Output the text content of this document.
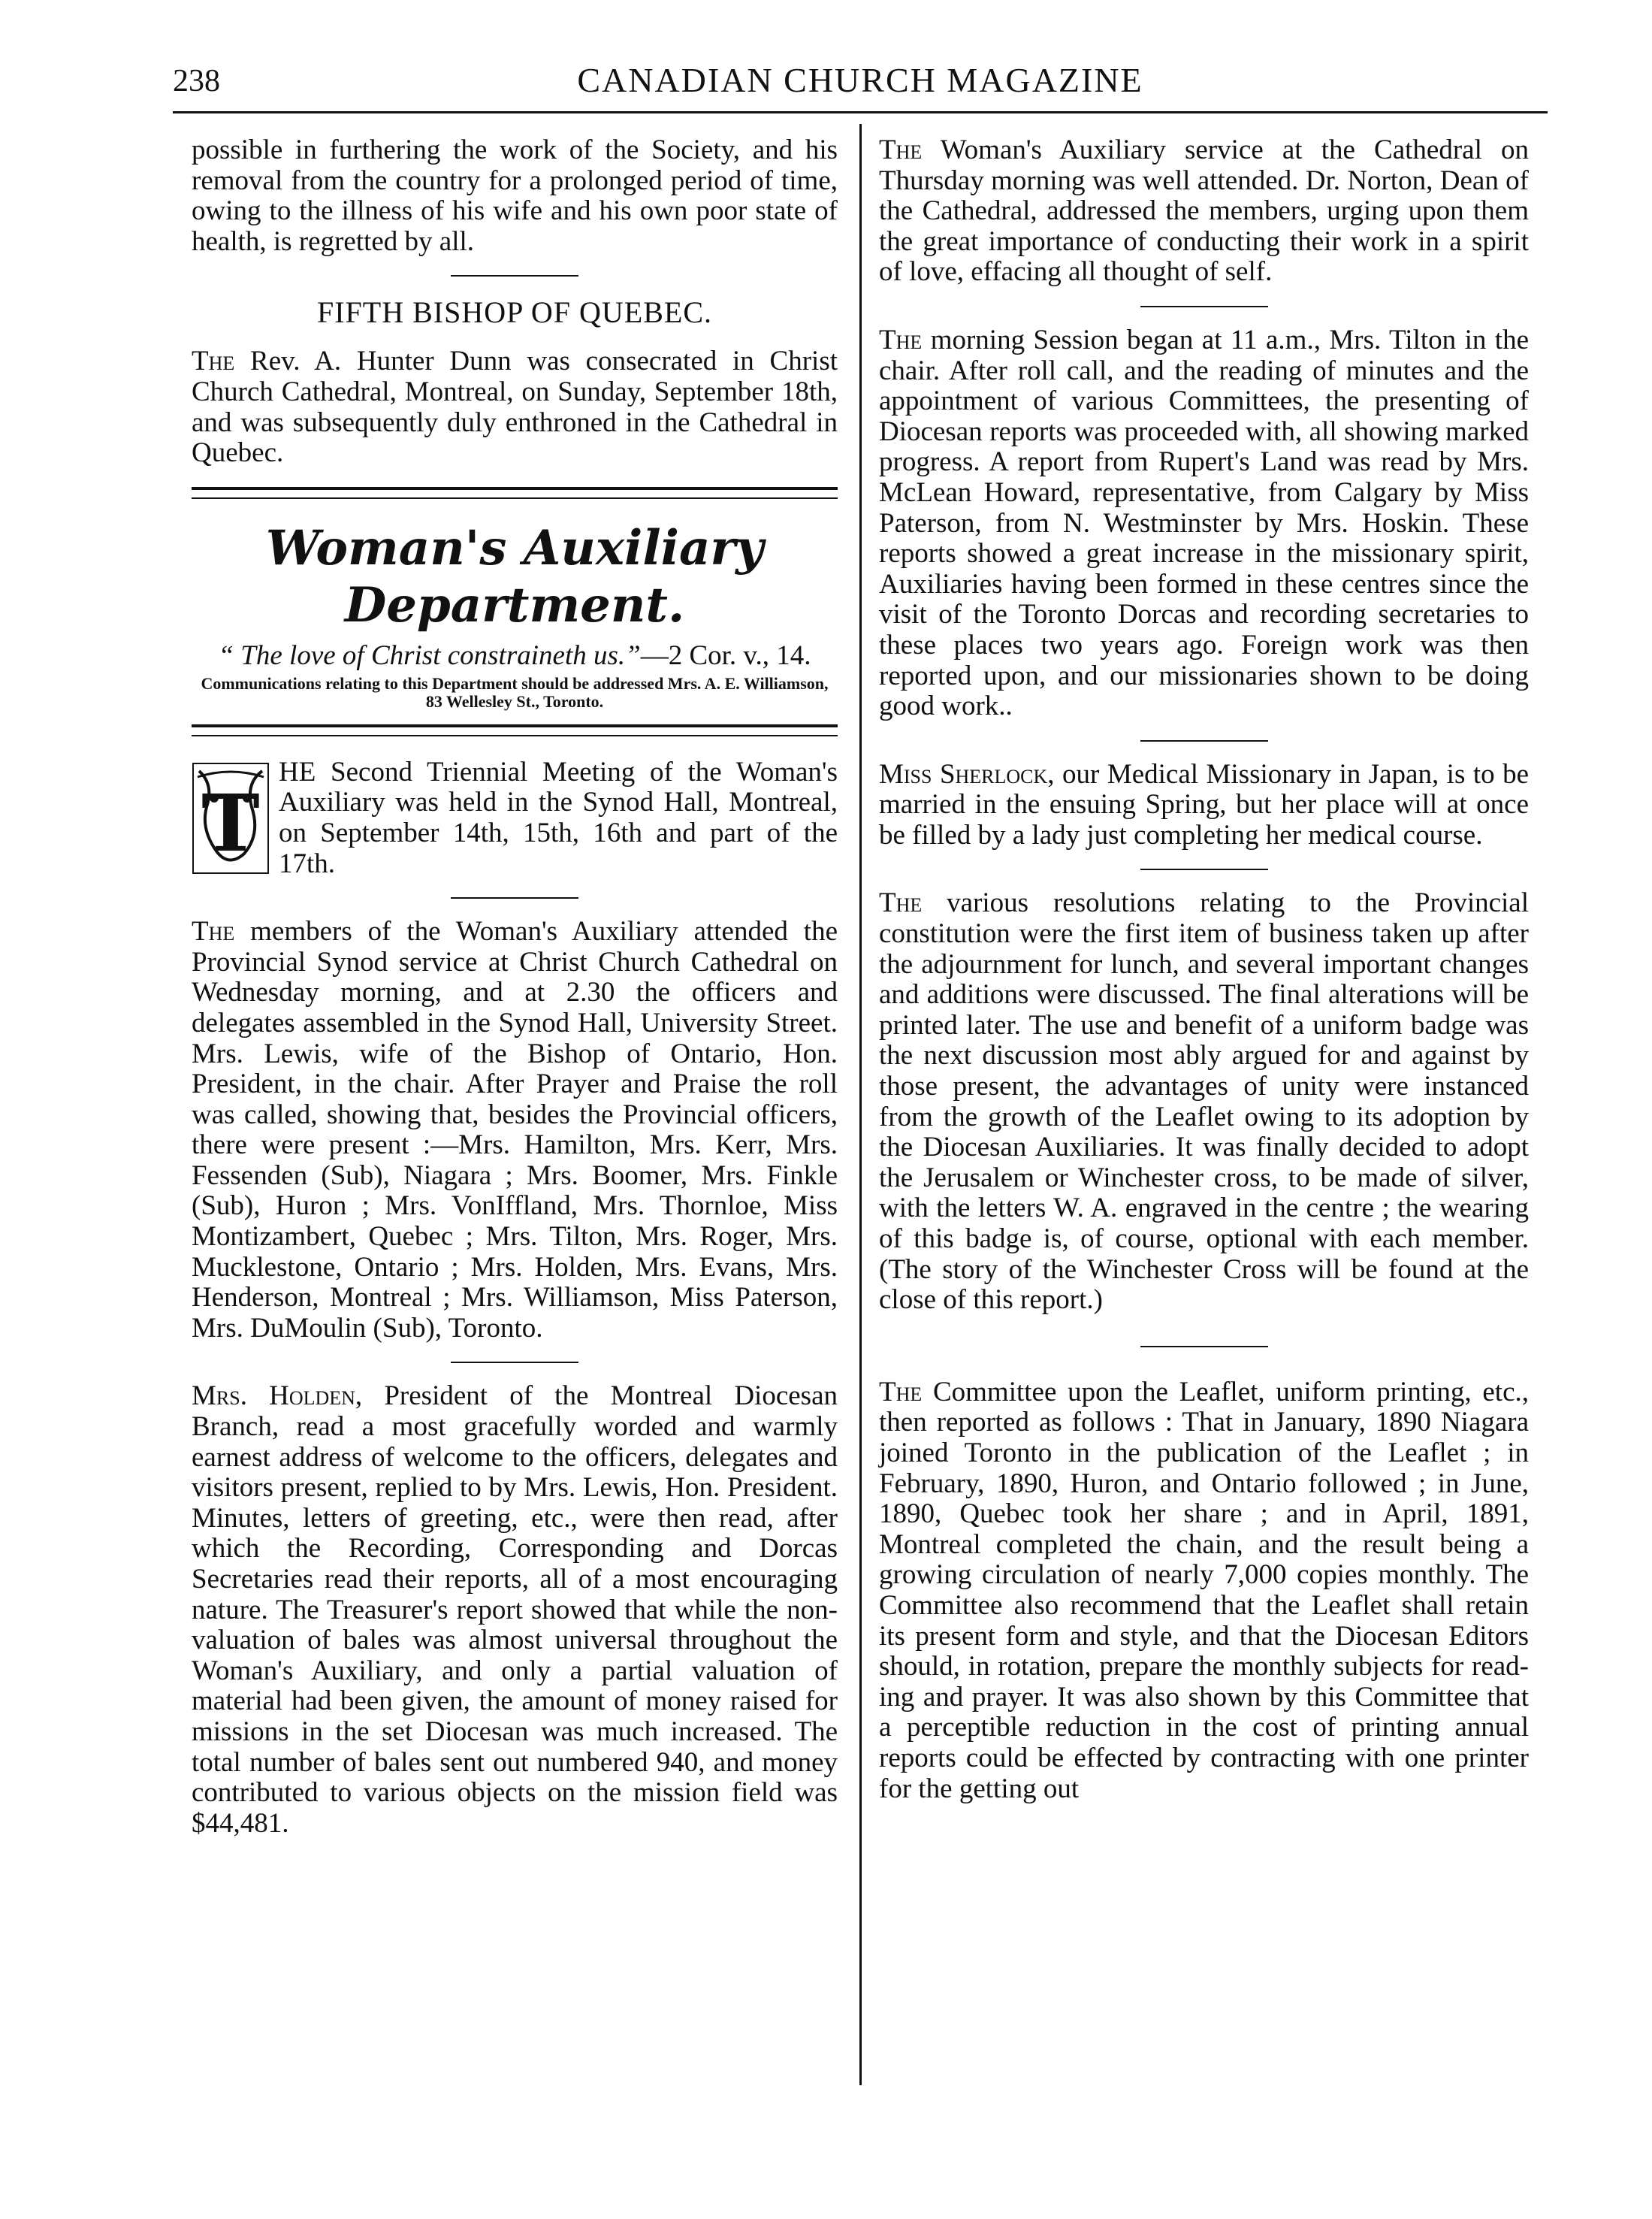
238	CANADIAN CHURCH MAGAZINE

possible in furthering the work of the Society, and his removal from the country for a prolonged period of time, owing to the illness of his wife and his own poor state of health, is regretted by all.

FIFTH BISHOP OF QUEBEC.

The Rev. A. Hunter Dunn was consecrated in Christ Church Cathedral, Montreal, on Sunday, September 18th, and was subsequently duly enthroned in the Cathedral in Quebec.

Woman's Auxiliary Department.

“ The love of Christ constraineth us.”—2 Cor. v., 14.

Communications relating to this Department should be addressed Mrs. A. E. Williamson, 83 Wellesley St., Toronto.

T

HE Second Triennial Meeting of the Woman's Auxiliary was held in the Synod Hall, Montreal, on September 14th, 15th, 16th and part of the 17th.

The members of the Woman's Auxiliary attended the Provincial Synod service at Christ Church Cathedral on Wednesday morning, and at 2.30 the officers and delegates assembled in the Synod Hall, University Street. Mrs. Lewis, wife of the Bishop of Ontario, Hon. President, in the chair. After Prayer and Praise the roll was called, showing that, besides the Provincial officers, there were present :—Mrs. Hamilton, Mrs. Kerr, Mrs. Fessenden (Sub), Niagara ; Mrs. Boomer, Mrs. Finkle (Sub), Huron ; Mrs. VonIffland, Mrs. Thornloe, Miss Montizambert, Quebec ; Mrs. Tilton, Mrs. Roger, Mrs. Mucklestone, Ontario ; Mrs. Holden, Mrs. Evans, Mrs. Henderson, Montreal ; Mrs. Williamson, Miss Paterson, Mrs. DuMoulin (Sub), Toronto.

Mrs. Holden, President of the Montreal Diocesan Branch, read a most gracefully worded and warmly earnest address of welcome to the officers, delegates and visitors present, replied to by Mrs. Lewis, Hon. President. Minutes, letters of greeting, etc., were then read, after which the Recording, Corresponding and Dorcas Secretaries read their reports, all of a most encouraging nature. The Treasurer's report showed that while the non-valuation of bales was almost universal throughout the Woman's Auxiliary, and only a partial valuation of material had been given, the amount of money raised for missions in the set Diocesan was much increased. The total number of bales sent out numbered 940, and money contributed to various objects on the mission field was $44,481.

The Woman's Auxiliary service at the Cathedral on Thursday morning was well attended. Dr. Norton, Dean of the Cathedral, addressed the members, urging upon them the great importance of conducting their work in a spirit of love, effacing all thought of self.

The morning Session began at 11 a.m., Mrs. Tilton in the chair. After roll call, and the reading of minutes and the appointment of various Committees, the presenting of Diocesan reports was proceeded with, all showing marked progress. A report from Rupert's Land was read by Mrs. McLean Howard, representative, from Calgary by Miss Paterson, from N. Westminster by Mrs. Hoskin. These reports showed a great increase in the missionary spirit, Auxiliaries having been formed in these centres since the visit of the Toronto Dorcas and recording secretaries to these places two years ago. Foreign work was then reported upon, and our missionaries shown to be doing good work..

Miss Sherlock, our Medical Missionary in Japan, is to be married in the ensuing Spring, but her place will at once be filled by a lady just completing her medical course.

The various resolutions relating to the Provincial constitution were the first item of business taken up after the adjournment for lunch, and several important changes and additions were discussed. The final alterations will be printed later. The use and benefit of a uniform badge was the next discussion most ably argued for and against by those present, the advantages of unity were instanced from the growth of the Leaflet owing to its adoption by the Diocesan Auxiliaries. It was finally decided to adopt the Jerusalem or Winchester cross, to be made of silver, with the letters W. A. engraved in the centre ; the wearing of this badge is, of course, optional with each member. (The story of the Winchester Cross will be found at the close of this report.)

The Committee upon the Leaflet, uniform printing, etc., then reported as follows : That in January, 1890 Niagara joined Toronto in the publication of the Leaflet ; in February, 1890, Huron, and Ontario followed ; in June, 1890, Quebec took her share ; and in April, 1891, Montreal completed the chain, and the result being a growing circulation of nearly 7,000 copies monthly. The Committee also recommend that the Leaflet shall retain its present form and style, and that the Diocesan Editors should, in rotation, prepare the monthly subjects for reading and prayer. It was also shown by this Committee that a perceptible reduction in the cost of printing annual reports could be effected by contracting with one printer for the getting out
